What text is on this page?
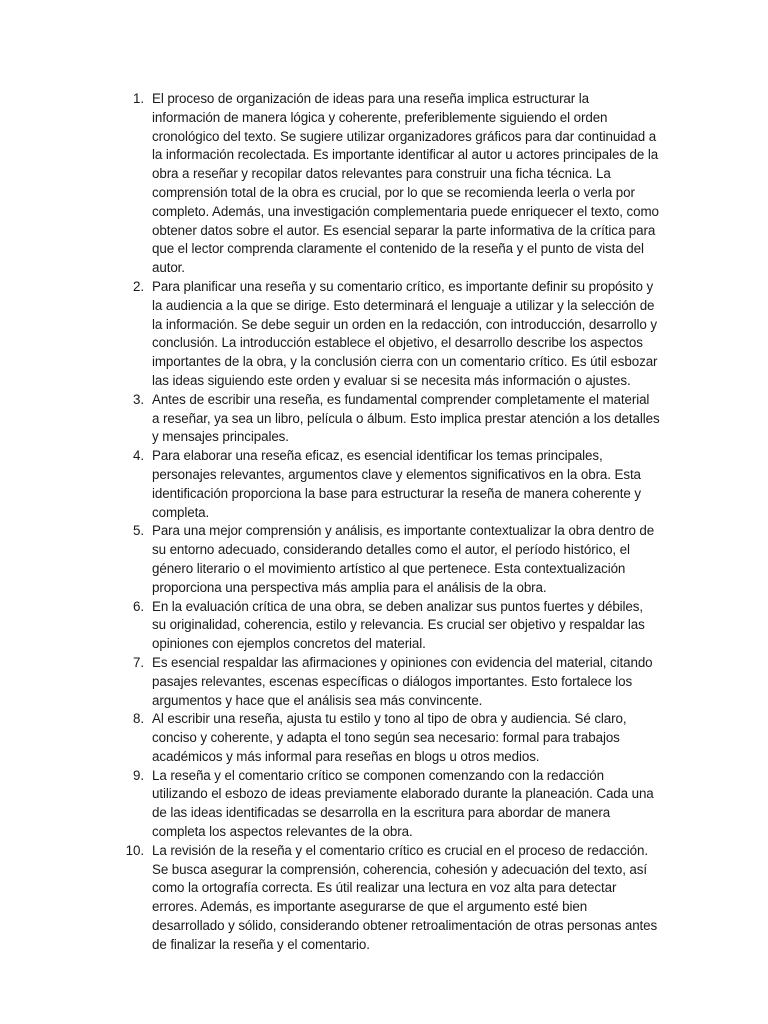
1. El proceso de organización de ideas para una reseña implica estructurar la información de manera lógica y coherente, preferiblemente siguiendo el orden cronológico del texto. Se sugiere utilizar organizadores gráficos para dar continuidad a la información recolectada. Es importante identificar al autor u actores principales de la obra a reseñar y recopilar datos relevantes para construir una ficha técnica. La comprensión total de la obra es crucial, por lo que se recomienda leerla o verla por completo. Además, una investigación complementaria puede enriquecer el texto, como obtener datos sobre el autor. Es esencial separar la parte informativa de la crítica para que el lector comprenda claramente el contenido de la reseña y el punto de vista del autor.
2. Para planificar una reseña y su comentario crítico, es importante definir su propósito y la audiencia a la que se dirige. Esto determinará el lenguaje a utilizar y la selección de la información. Se debe seguir un orden en la redacción, con introducción, desarrollo y conclusión. La introducción establece el objetivo, el desarrollo describe los aspectos importantes de la obra, y la conclusión cierra con un comentario crítico. Es útil esbozar las ideas siguiendo este orden y evaluar si se necesita más información o ajustes.
3. Antes de escribir una reseña, es fundamental comprender completamente el material a reseñar, ya sea un libro, película o álbum. Esto implica prestar atención a los detalles y mensajes principales.
4. Para elaborar una reseña eficaz, es esencial identificar los temas principales, personajes relevantes, argumentos clave y elementos significativos en la obra. Esta identificación proporciona la base para estructurar la reseña de manera coherente y completa.
5. Para una mejor comprensión y análisis, es importante contextualizar la obra dentro de su entorno adecuado, considerando detalles como el autor, el período histórico, el género literario o el movimiento artístico al que pertenece. Esta contextualización proporciona una perspectiva más amplia para el análisis de la obra.
6. En la evaluación crítica de una obra, se deben analizar sus puntos fuertes y débiles, su originalidad, coherencia, estilo y relevancia. Es crucial ser objetivo y respaldar las opiniones con ejemplos concretos del material.
7. Es esencial respaldar las afirmaciones y opiniones con evidencia del material, citando pasajes relevantes, escenas específicas o diálogos importantes. Esto fortalece los argumentos y hace que el análisis sea más convincente.
8. Al escribir una reseña, ajusta tu estilo y tono al tipo de obra y audiencia. Sé claro, conciso y coherente, y adapta el tono según sea necesario: formal para trabajos académicos y más informal para reseñas en blogs u otros medios.
9. La reseña y el comentario crítico se componen comenzando con la redacción utilizando el esbozo de ideas previamente elaborado durante la planeación. Cada una de las ideas identificadas se desarrolla en la escritura para abordar de manera completa los aspectos relevantes de la obra.
10. La revisión de la reseña y el comentario crítico es crucial en el proceso de redacción. Se busca asegurar la comprensión, coherencia, cohesión y adecuación del texto, así como la ortografía correcta. Es útil realizar una lectura en voz alta para detectar errores. Además, es importante asegurarse de que el argumento esté bien desarrollado y sólido, considerando obtener retroalimentación de otras personas antes de finalizar la reseña y el comentario.
